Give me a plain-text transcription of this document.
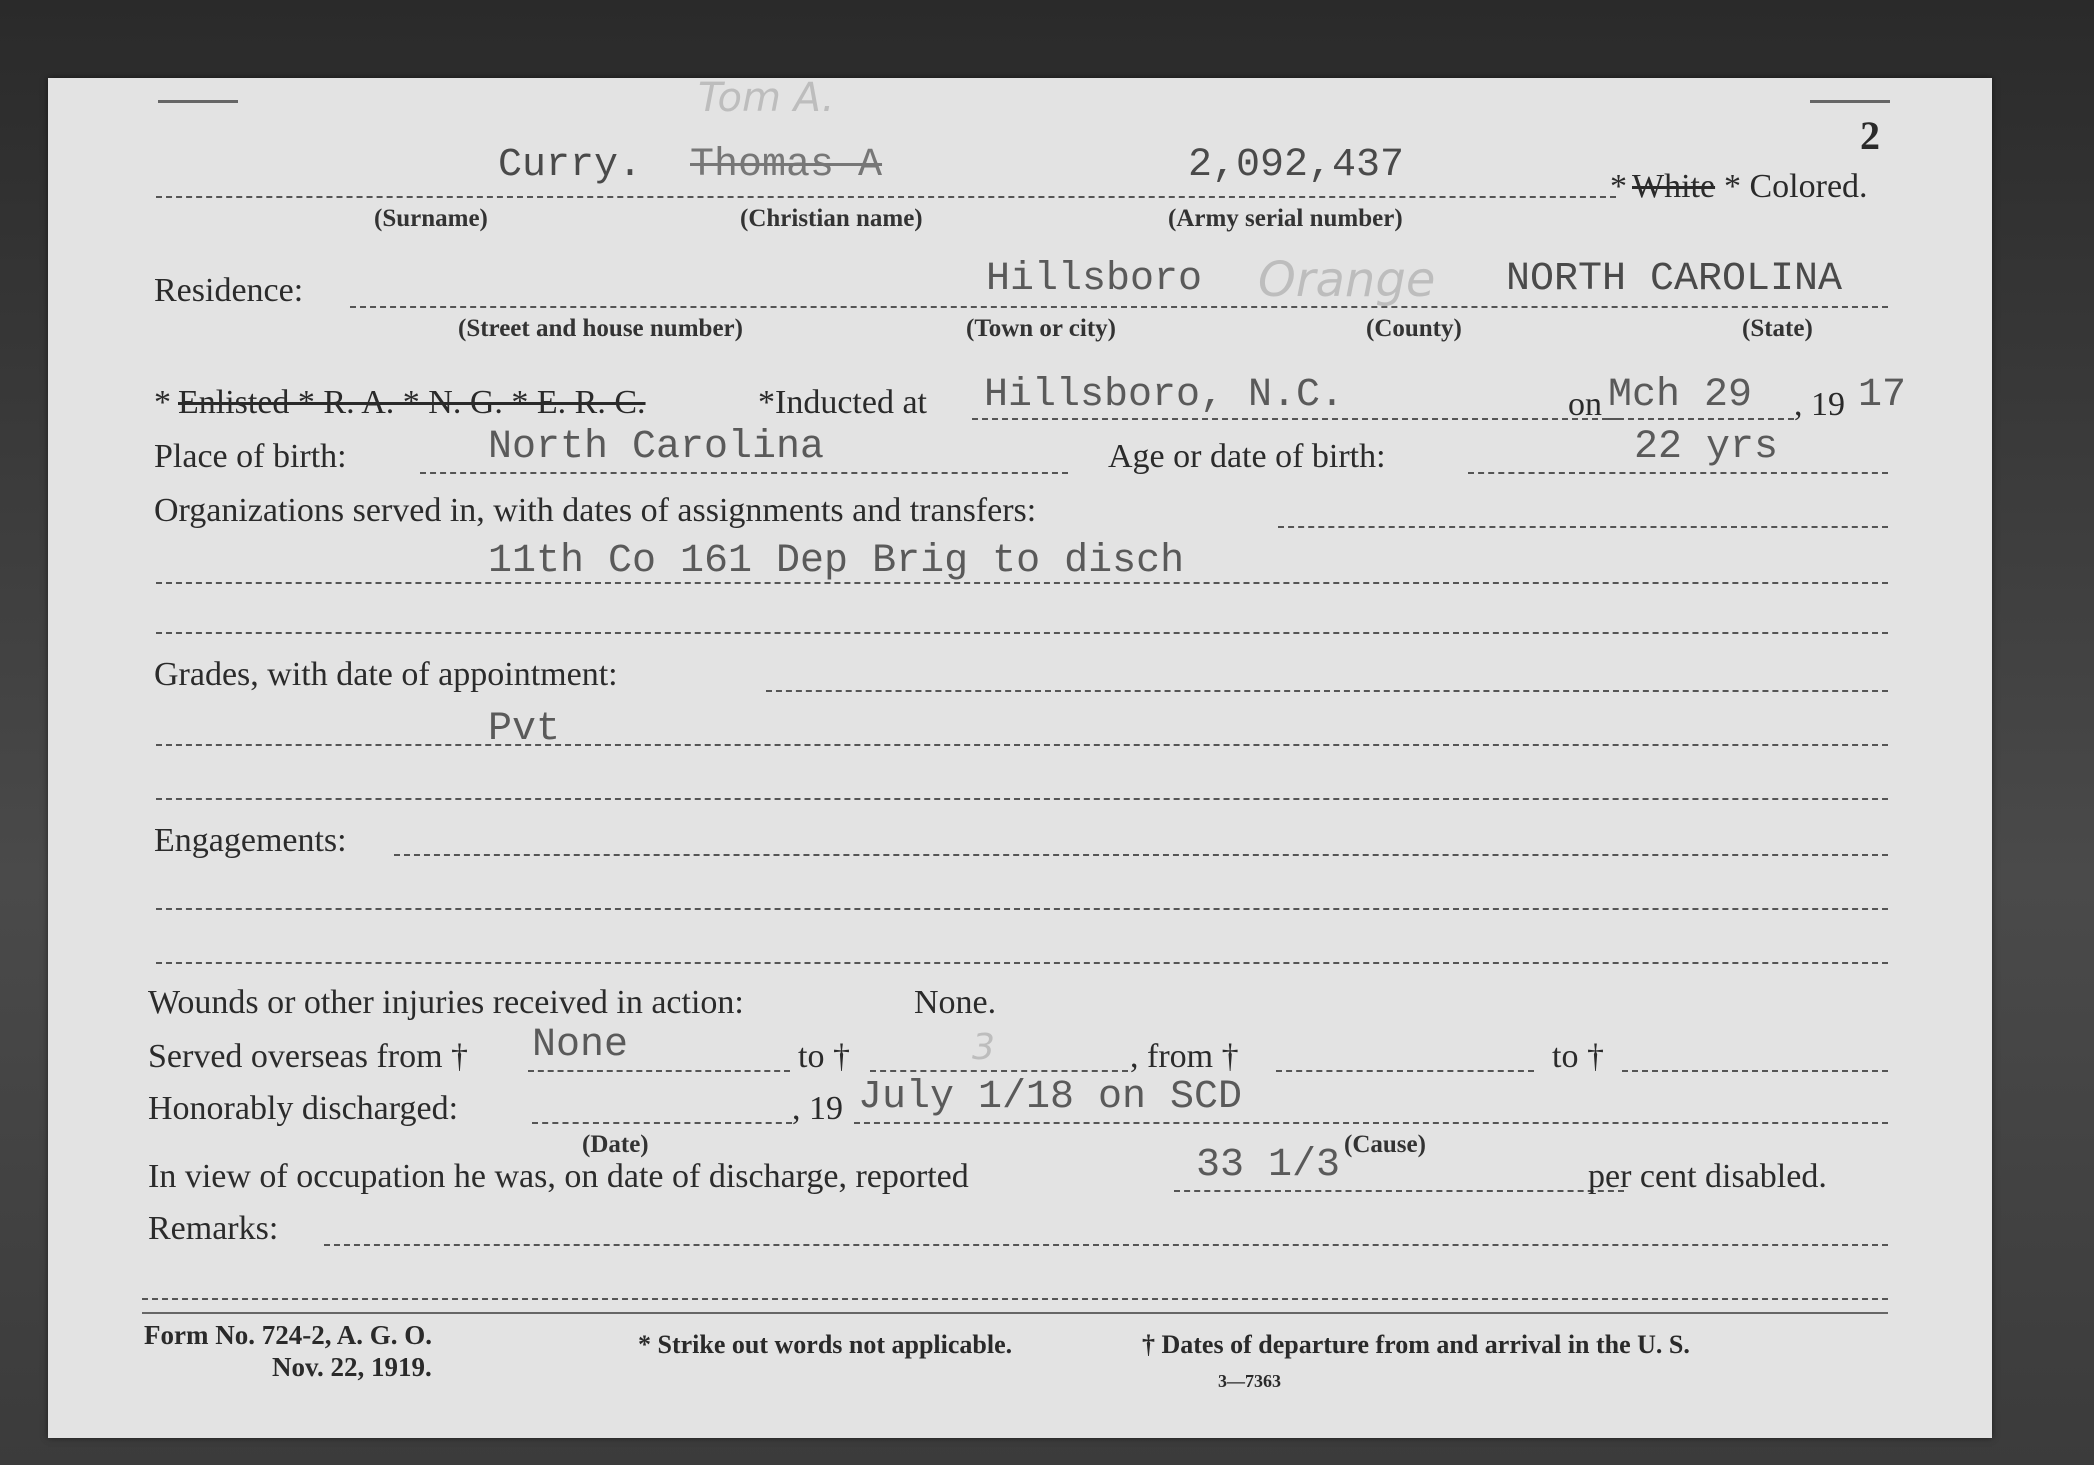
Tom A.
2
Curry. Thomas A	2,092,437	* White * Colored.
(Surname)	(Christian name)	(Army serial number)
Residence:	Hillsboro Orange NORTH CAROLINA
(Street and house number)	(Town or city)	(County)	(State)
* Enlisted * R. A. * N. G. * E. R. C.	*Inducted at Hillsboro, N.C.	on Mch 29 , 19 17
Place of birth:	North Carolina	Age or date of birth:	22 yrs
Organizations served in, with dates of assignments and transfers:
11th Co 161 Dep Brig to disch
Grades, with date of appointment:
Pvt
Engagements:
Wounds or other injuries received in action:	None.
Served overseas from † None	to †	3	, from †	to †
Honorably discharged:	, 19 July 1/18 on SCD
(Date)	(Cause)
In view of occupation he was, on date of discharge, reported	33 1/3	per cent disabled.
Remarks:
Form No. 724-2, A. G. O.
Nov. 22, 1919.
* Strike out words not applicable.	† Dates of departure from and arrival in the U. S.
3—7363
